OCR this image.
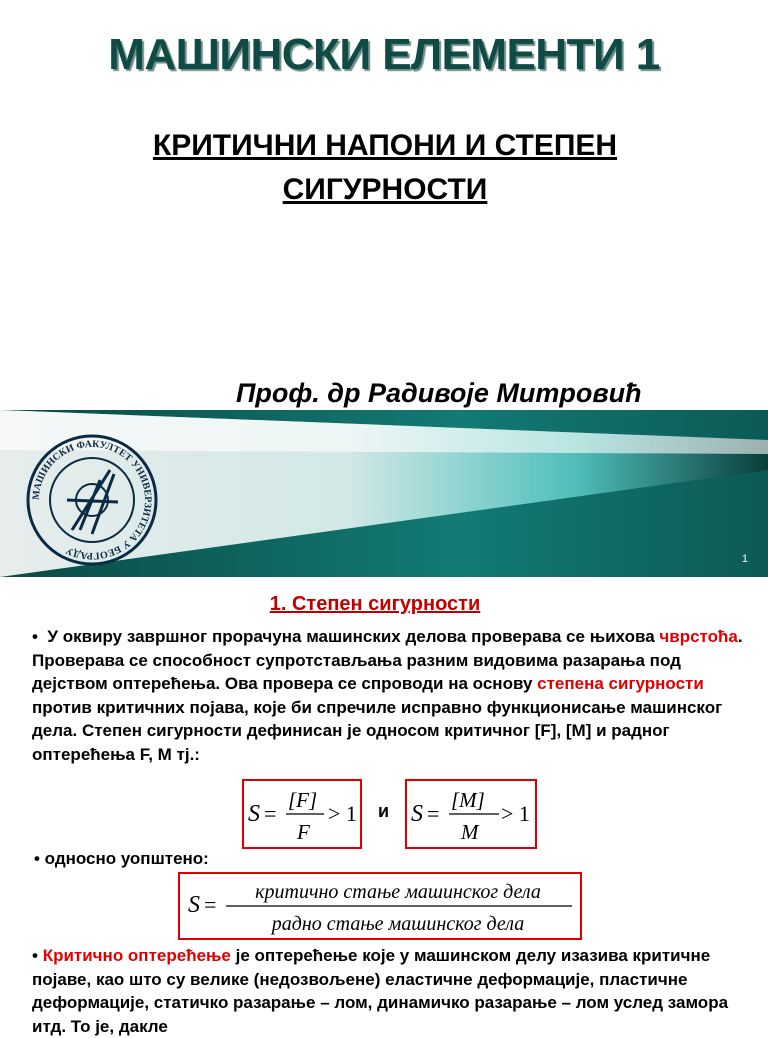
МАШИНСКИ ЕЛЕМЕНТИ 1
КРИТИЧНИ НАПОНИ И СТЕПЕН
СИГУРНОСТИ
Проф. др Радивоје Митровић
МАШИНСКИ ФАКУЛТЕТ УНИВЕРЗИТЕТА У БЕОГРАДУ
1
1. Степен сигурности
• У оквиру завршног прорачуна машинских делова проверава се њихова чврстоћа. Проверава се способност супротстављања разним видовима разарања под дејством оптерећења. Ова провера се спроводи на основу степена сигурности против критичних појава, које би спречиле исправно функционисање машинског дела. Степен сигурности дефинисан је односом критичног [F], [M] и радног оптерећења F, M тј.:
S =
[F]
F
> 1 и S =
[M]
M
> 1
• односно уопштено:
S = критично стање машинског дела
радно стање машинског дела
• Критично оптерећење је оптерећење које у машинском делу изазива критичне појаве, као што су велике (недозвољене) еластичне деформације, пластичне деформације, статичко разарање – лом, динамичко разарање – лом услед замора итд. То је, дакле
